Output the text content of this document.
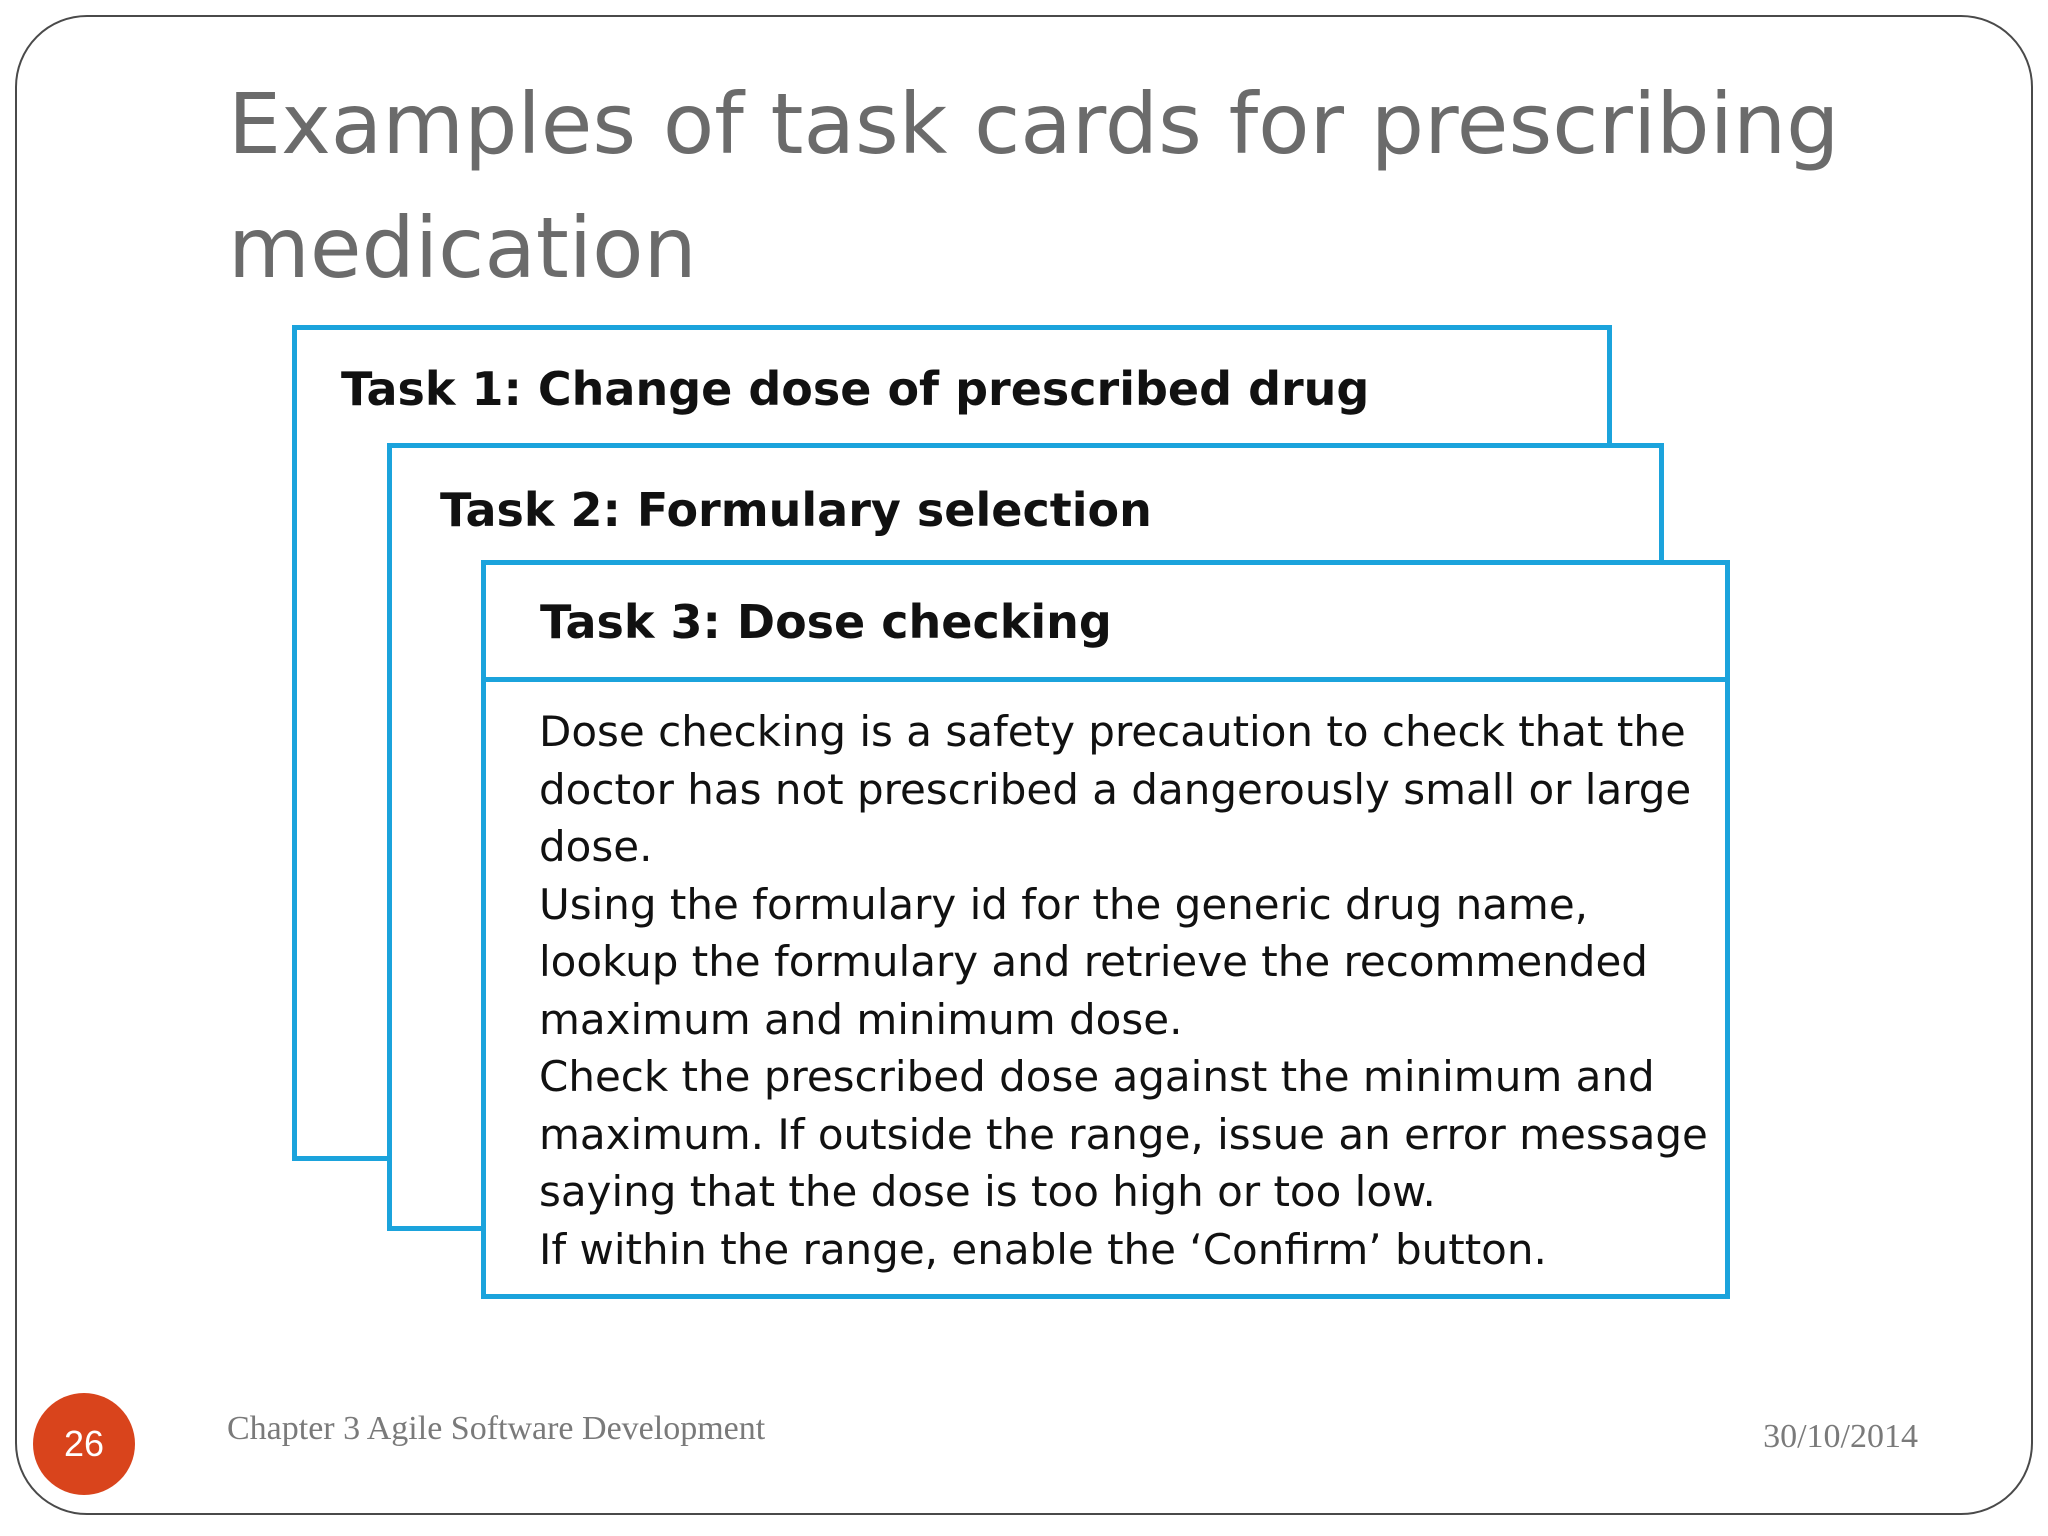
Examples of task cards for prescribing medication
Task 1: Change dose of prescribed drug
Task 2: Formulary selection
Task 3: Dose checking

Dose checking is a safety precaution to check that the doctor has not prescribed a dangerously small or large dose.

Using the formulary id for the generic drug name, lookup the formulary and retrieve the recommended maximum and minimum dose.

Check the prescribed dose against the minimum and maximum. If outside the range, issue an error message saying that the dose is too high or too low.

If within the range, enable the ‘Confirm’ button.

26	Chapter 3 Agile Software Development	30/10/2014
